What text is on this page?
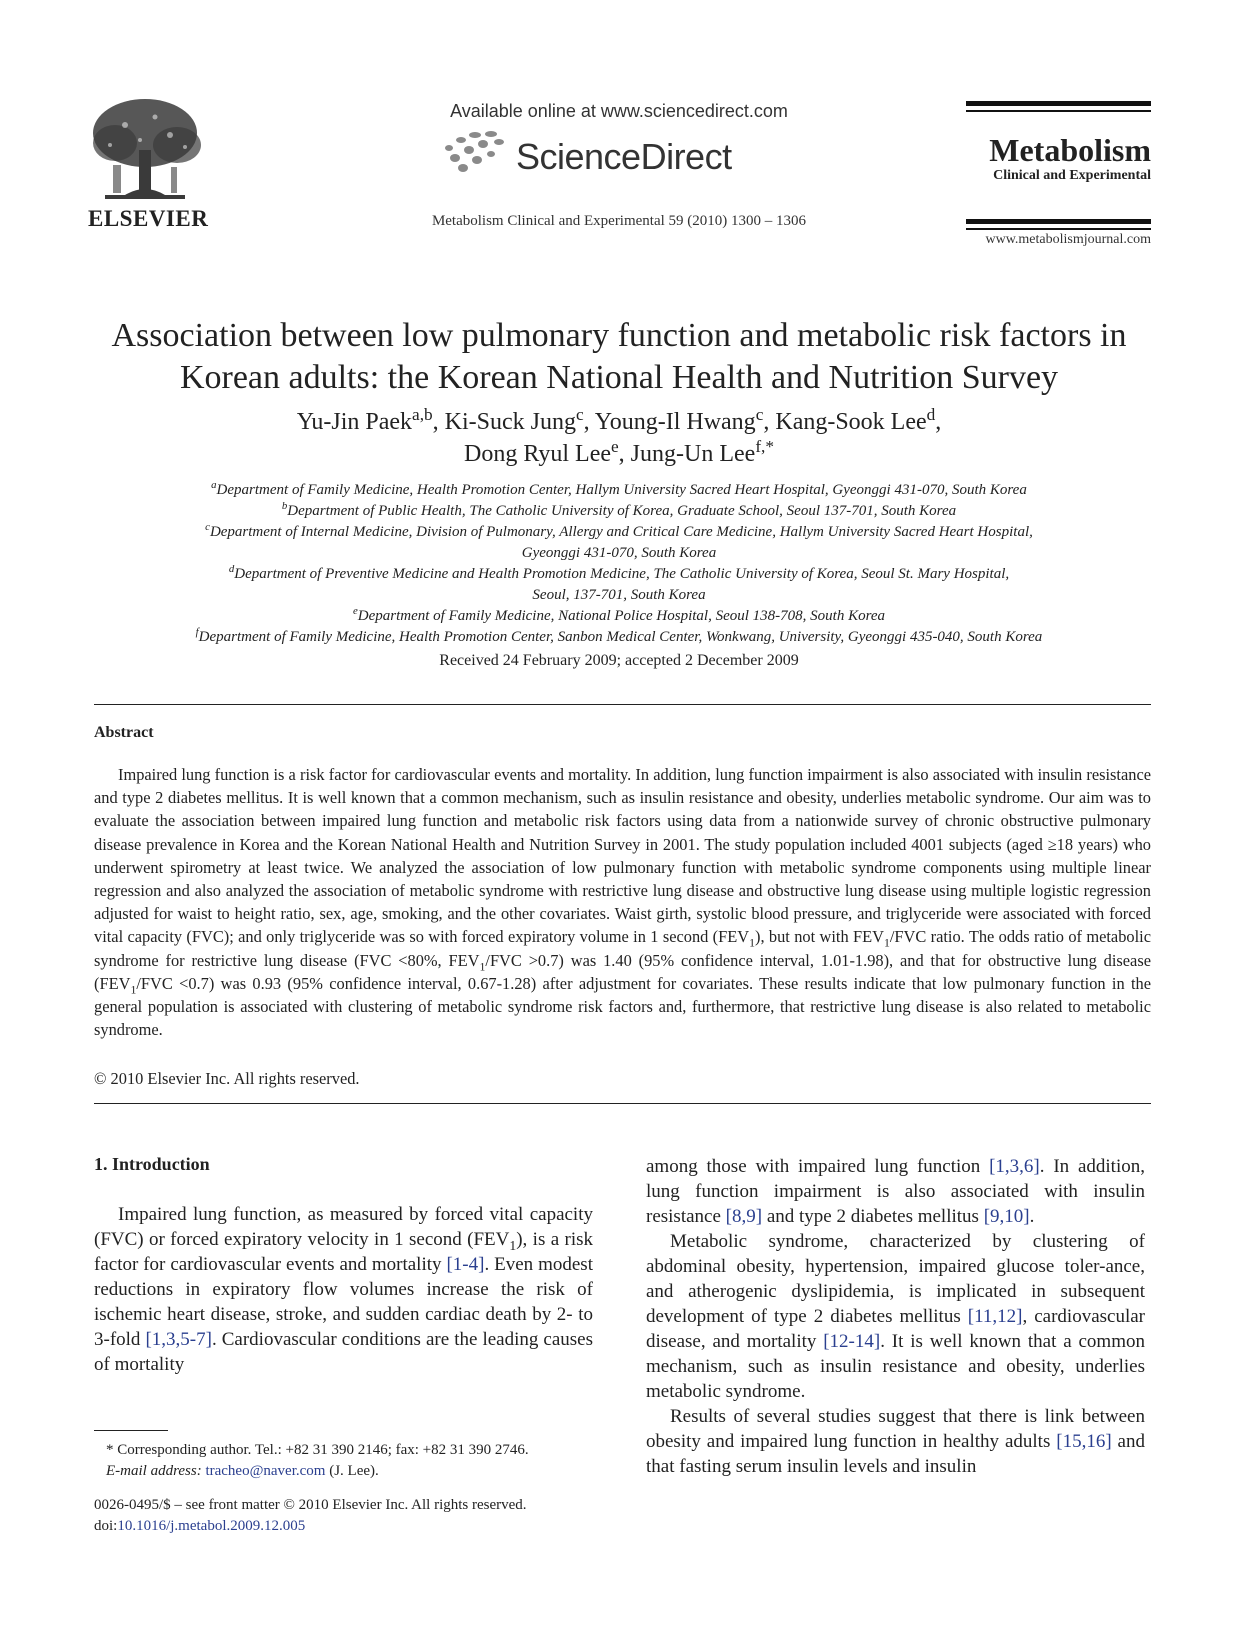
ELSEVIER
Available online at www.sciencedirect.com
ScienceDirect
Metabolism Clinical and Experimental 59 (2010) 1300 – 1306
Metabolism
Clinical and Experimental
www.metabolismjournal.com
Association between low pulmonary function and metabolic risk factors in
Korean adults: the Korean National Health and Nutrition Survey
Yu-Jin Paek$^{a,b}$, Ki-Suck Jung$^c$, Young-Il Hwang$^c$, Kang-Sook Lee$^d$,
Dong Ryul Lee$^e$, Jung-Un Lee$^{f,*}$

$^a$Department of Family Medicine, Health Promotion Center, Hallym University Sacred Heart Hospital, Gyeonggi 431-070, South Korea

$^b$Department of Public Health, The Catholic University of Korea, Graduate School, Seoul 137-701, South Korea

$^c$Department of Internal Medicine, Division of Pulmonary, Allergy and Critical Care Medicine, Hallym University Sacred Heart Hospital,

Gyeonggi 431-070, South Korea

$^d$Department of Preventive Medicine and Health Promotion Medicine, The Catholic University of Korea, Seoul St. Mary Hospital,

Seoul, 137-701, South Korea

$^e$Department of Family Medicine, National Police Hospital, Seoul 138-708, South Korea

$^f$Department of Family Medicine, Health Promotion Center, Sanbon Medical Center, Wonkwang, University, Gyeonggi 435-040, South Korea

Received 24 February 2009; accepted 2 December 2009
Abstract

Impaired lung function is a risk factor for cardiovascular events and mortality. In addition, lung function impairment is also associated with insulin resistance and type 2 diabetes mellitus. It is well known that a common mechanism, such as insulin resistance and obesity, underlies metabolic syndrome. Our aim was to evaluate the association between impaired lung function and metabolic risk factors using data from a nationwide survey of chronic obstructive pulmonary disease prevalence in Korea and the Korean National Health and Nutrition Survey in 2001. The study population included 4001 subjects (aged ≥18 years) who underwent spirometry at least twice. We analyzed the association of low pulmonary function with metabolic syndrome components using multiple linear regression and also analyzed the association of metabolic syndrome with restrictive lung disease and obstructive lung disease using multiple logistic regression adjusted for waist to height ratio, sex, age, smoking, and the other covariates. Waist girth, systolic blood pressure, and triglyceride were associated with forced vital capacity (FVC); and only triglyceride was so with forced expiratory volume in 1 second $(FEV_1)$, but not with $FEV_1$/FVC ratio. The odds ratio of metabolic syndrome for restrictive lung disease (FVC <80%, $FEV_1$/FVC >0.7) was 1.40 (95% confidence interval, 1.01-1.98), and that for obstructive lung disease ($FEV_1$/FVC <0.7) was 0.93 (95% confidence interval, 0.67-1.28) after adjustment for covariates. These results indicate that low pulmonary function in the general population is associated with clustering of metabolic syndrome risk factors and, furthermore, that restrictive lung disease is also related to metabolic syndrome.

© 2010 Elsevier Inc. All rights reserved.
1. Introduction

Impaired lung function, as measured by forced vital capacity (FVC) or forced expiratory velocity in 1 second $(FEV_1)$, is a risk factor for cardiovascular events and mortality [1-4]. Even modest reductions in expiratory flow volumes increase the risk of ischemic heart disease, stroke, and sudden cardiac death by 2- to 3-fold [1,3,5-7]. Cardiovascular conditions are the leading causes of mortality

among those with impaired lung function [1,3,6]. In addition, lung function impairment is also associated with insulin resistance [8,9] and type 2 diabetes mellitus [9,10].

Metabolic syndrome, characterized by clustering of abdominal obesity, hypertension, impaired glucose toler-ance, and atherogenic dyslipidemia, is implicated in subsequent development of type 2 diabetes mellitus [11,12], cardiovascular disease, and mortality [12-14]. It is well known that a common mechanism, such as insulin resistance and obesity, underlies metabolic syndrome.

Results of several studies suggest that there is link between obesity and impaired lung function in healthy adults [15,16] and that fasting serum insulin levels and insulin

* Corresponding author. Tel.: +82 31 390 2146; fax: +82 31 390 2746.

E-mail address: tracheo@naver.com (J. Lee).

0026-0495/$ – see front matter © 2010 Elsevier Inc. All rights reserved.

doi:10.1016/j.metabol.2009.12.005
